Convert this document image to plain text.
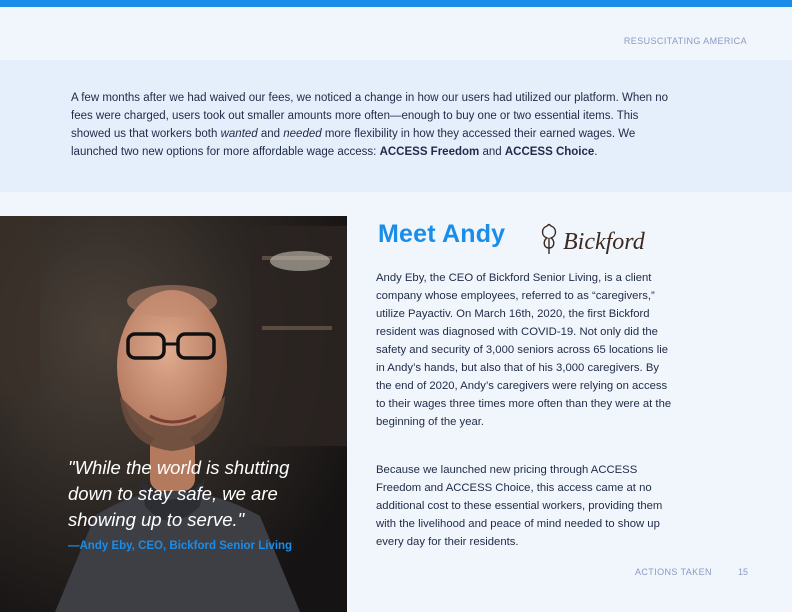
RESUSCITATING AMERICA

A few months after we had waived our fees, we noticed a change in how our users had utilized our platform. When no fees were charged, users took out smaller amounts more often—enough to buy one or two essential items. This showed us that workers both wanted and needed more flexibility in how they accessed their earned wages. We launched two new options for more affordable wage access: ACCESS Freedom and ACCESS Choice.

"While the world is shutting down to stay safe, we are showing up to serve."

—Andy Eby, CEO, Bickford Senior Living

Meet Andy Bickford

Andy Eby, the CEO of Bickford Senior Living, is a client company whose employees, referred to as “caregivers,” utilize Payactiv. On March 16th, 2020, the first Bickford resident was diagnosed with COVID-19. Not only did the safety and security of 3,000 seniors across 65 locations lie in Andy’s hands, but also that of his 3,000 caregivers. By the end of 2020, Andy’s caregivers were relying on access to their wages three times more often than they were at the beginning of the year.

Because we launched new pricing through ACCESS Freedom and ACCESS Choice, this access came at no additional cost to these essential workers, providing them with the livelihood and peace of mind needed to show up every day for their residents.

ACTIONS TAKEN	15
